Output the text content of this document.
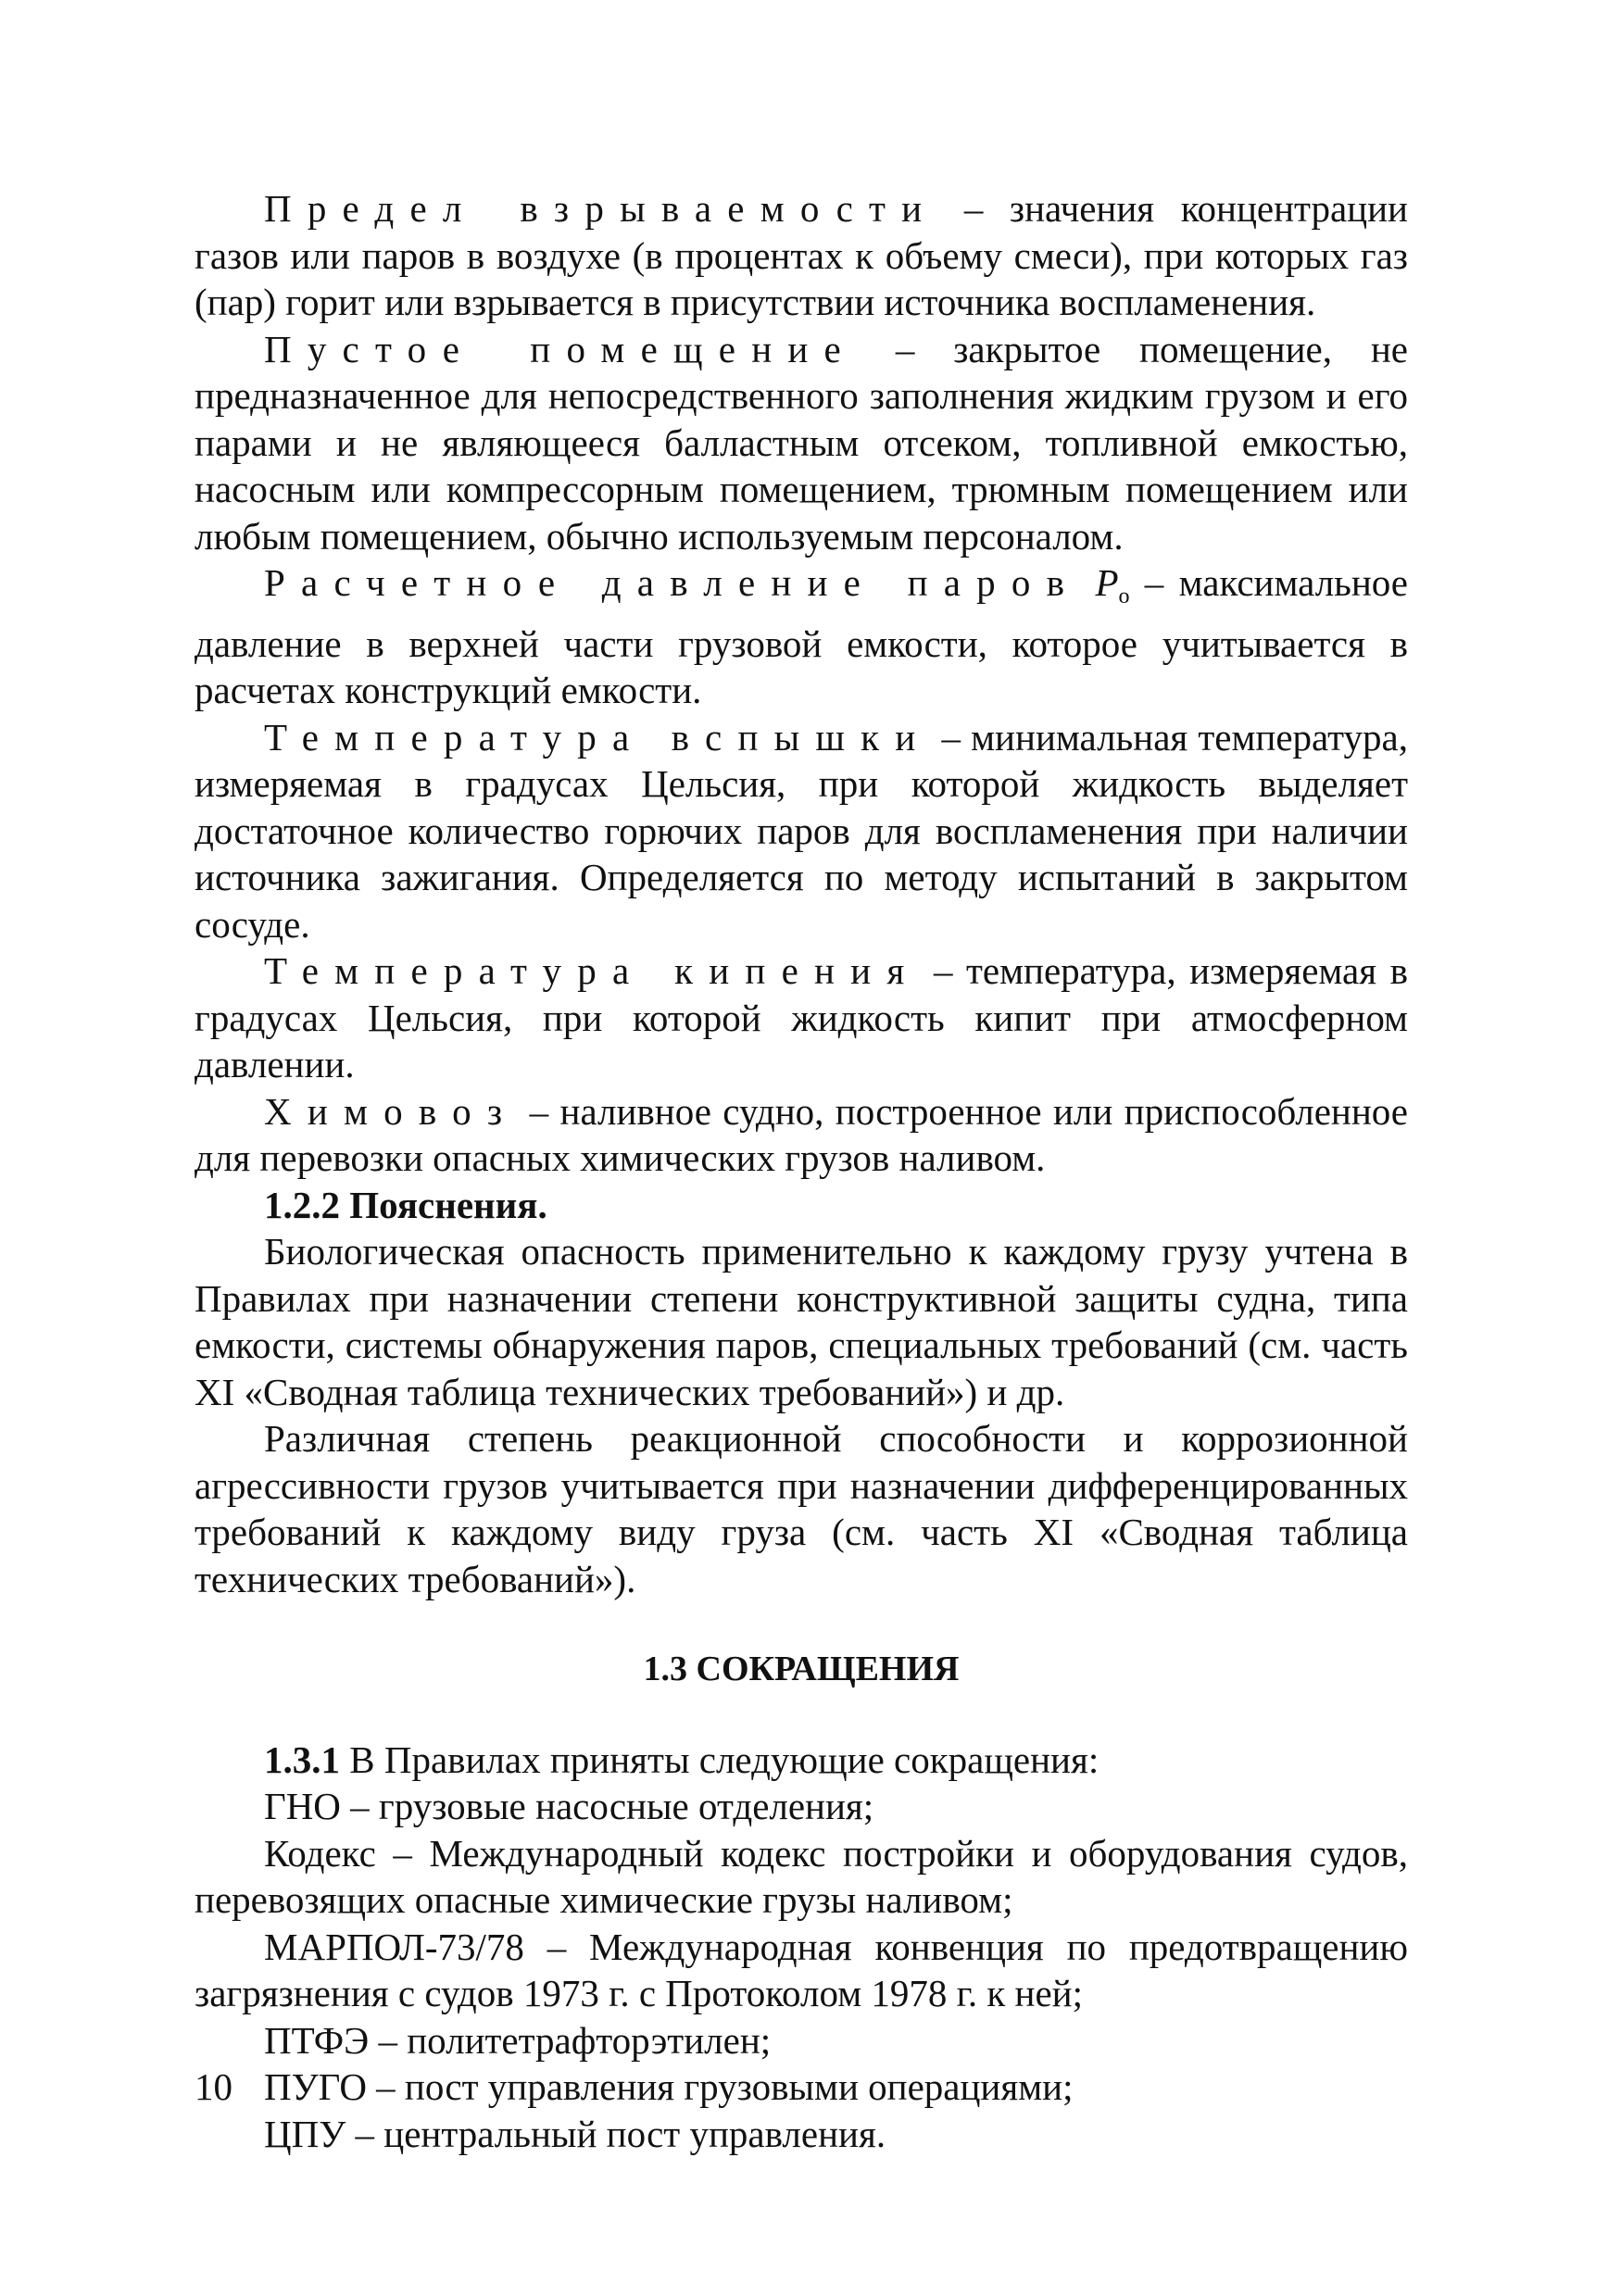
Предел взрываемости – значения концентрации газов или паров в воздухе (в процентах к объему смеси), при которых газ (пар) горит или взрывается в присутствии источника воспламенения.

Пустое помещение – закрытое помещение, не предназначенное для непосредственного заполнения жидким грузом и его парами и не являющееся балластным отсеком, топливной емкостью, насосным или компрессорным помещением, трюмным помещением или любым помещением, обычно используемым персоналом.

Расчетное давление паров $P_o$ – максимальное давление в верхней части грузовой емкости, которое учитывается в расчетах конструкций емкости.

Температура вспышки – минимальная температура, измеряемая в градусах Цельсия, при которой жидкость выделяет достаточное количество горючих паров для воспламенения при наличии источника зажигания. Определяется по методу испытаний в закрытом сосуде.

Температура кипения – температура, измеряемая в градусах Цельсия, при которой жидкость кипит при атмосферном давлении.

Химовоз – наливное судно, построенное или приспособленное для перевозки опасных химических грузов наливом.

1.2.2 Пояснения.

Биологическая опасность применительно к каждому грузу учтена в Правилах при назначении степени конструктивной защиты судна, типа емкости, системы обнаружения паров, специальных требований (см. часть XI «Сводная таблица технических требований») и др.

Различная степень реакционной способности и коррозионной агрессивности грузов учитывается при назначении дифференцированных требований к каждому виду груза (см. часть XI «Сводная таблица технических требований»).

1.3 СОКРАЩЕНИЯ

1.3.1 В Правилах приняты следующие сокращения:

ГНО – грузовые насосные отделения;

Кодекс – Международный кодекс постройки и оборудования судов, перевозящих опасные химические грузы наливом;

МАРПОЛ-73/78 – Международная конвенция по предотвращению загрязнения с судов 1973 г. с Протоколом 1978 г. к ней;

ПТФЭ – политетрафторэтилен;

ПУГО – пост управления грузовыми операциями;

ЦПУ – центральный пост управления.

10
